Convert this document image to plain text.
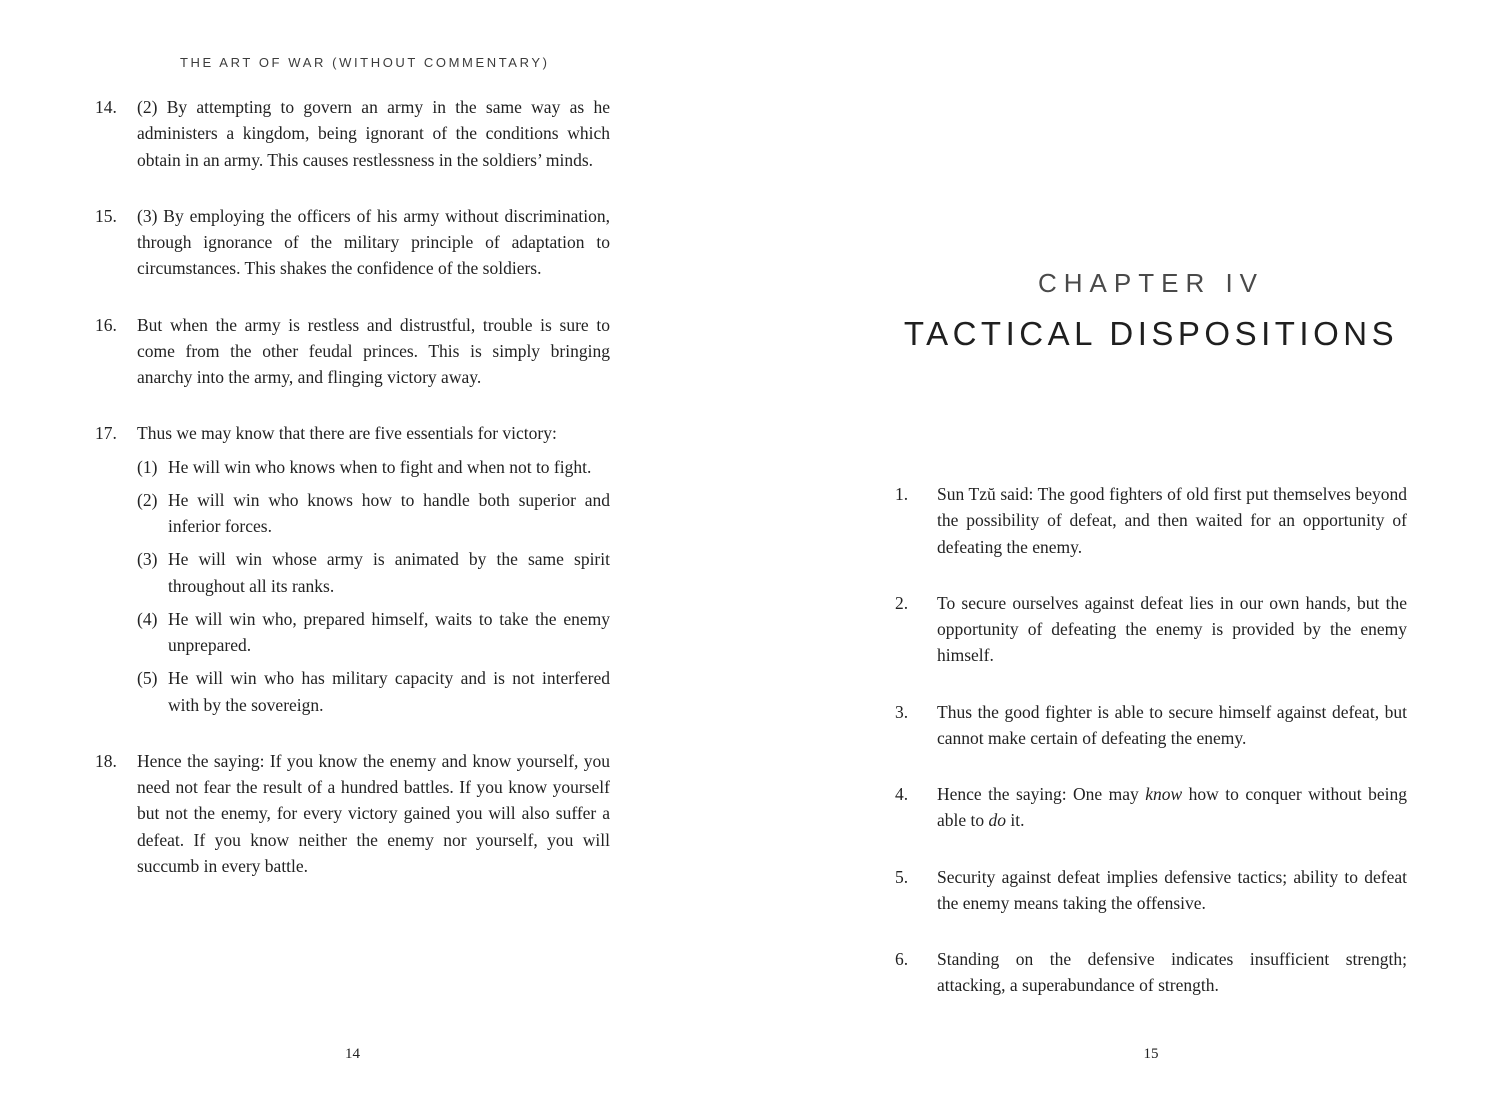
THE ART OF WAR (WITHOUT COMMENTARY)
14.	(2) By attempting to govern an army in the same way as he administers a kingdom, being ignorant of the conditions which obtain in an army. This causes restlessness in the soldiers’ minds.

15.	(3) By employing the officers of his army without discrimination, through ignorance of the military principle of adaptation to circumstances. This shakes the confidence of the soldiers.

16.	But when the army is restless and distrustful, trouble is sure to come from the other feudal princes. This is simply bringing anarchy into the army, and flinging victory away.

17.	Thus we may know that there are five essentials for victory:

(1) He will win who knows when to fight and when not to fight.

(2) He will win who knows how to handle both superior and inferior forces.

(3) He will win whose army is animated by the same spirit throughout all its ranks.

(4) He will win who, prepared himself, waits to take the enemy unprepared.

(5) He will win who has military capacity and is not interfered with by the sovereign.

18.	Hence the saying: If you know the enemy and know yourself, you need not fear the result of a hundred battles. If you know yourself but not the enemy, for every victory gained you will also suffer a defeat. If you know neither the enemy nor yourself, you will succumb in every battle.

14
CHAPTER IV
TACTICAL DISPOSITIONS
1.	Sun Tzŭ said: The good fighters of old first put themselves beyond the possibility of defeat, and then waited for an opportunity of defeating the enemy.

2.	To secure ourselves against defeat lies in our own hands, but the opportunity of defeating the enemy is provided by the enemy himself.

3.	Thus the good fighter is able to secure himself against defeat, but cannot make certain of defeating the enemy.

4.	Hence the saying: One may know how to conquer without being able to do it.

5.	Security against defeat implies defensive tactics; ability to defeat the enemy means taking the offensive.

6.	Standing on the defensive indicates insufficient strength; attacking, a superabundance of strength.

15
